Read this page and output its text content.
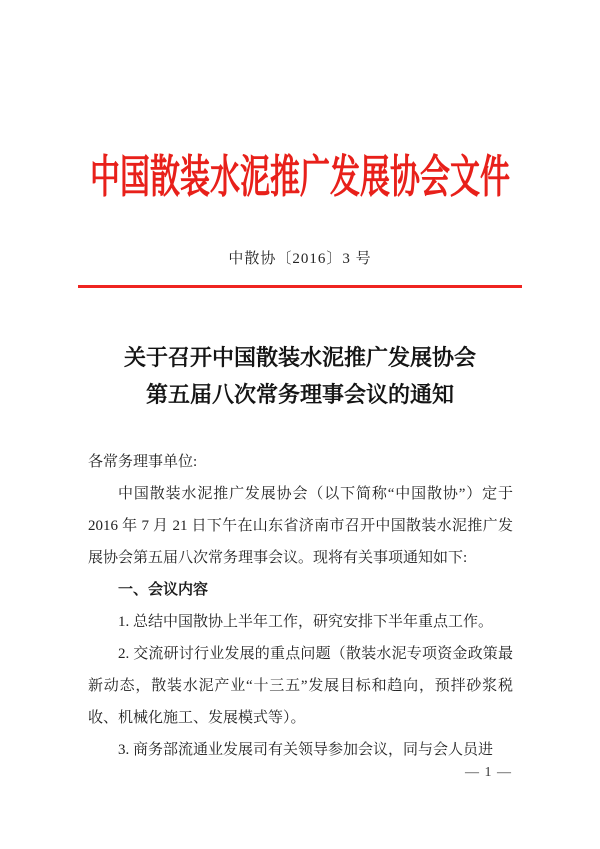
中国散装水泥推广发展协会文件
中散协〔2016〕3 号
关于召开中国散装水泥推广发展协会
第五届八次常务理事会议的通知

各常务理事单位:

中国散装水泥推广发展协会（以下简称“中国散协”）定于 2016 年 7 月 21 日下午在山东省济南市召开中国散装水泥推广发展协会第五届八次常务理事会议。现将有关事项通知如下:

一、会议内容

1. 总结中国散协上半年工作，研究安排下半年重点工作。

2. 交流研讨行业发展的重点问题（散装水泥专项资金政策最新动态，散装水泥产业“十三五”发展目标和趋向，预拌砂浆税收、机械化施工、发展模式等）。

3. 商务部流通业发展司有关领导参加会议，同与会人员进

— 1 —
